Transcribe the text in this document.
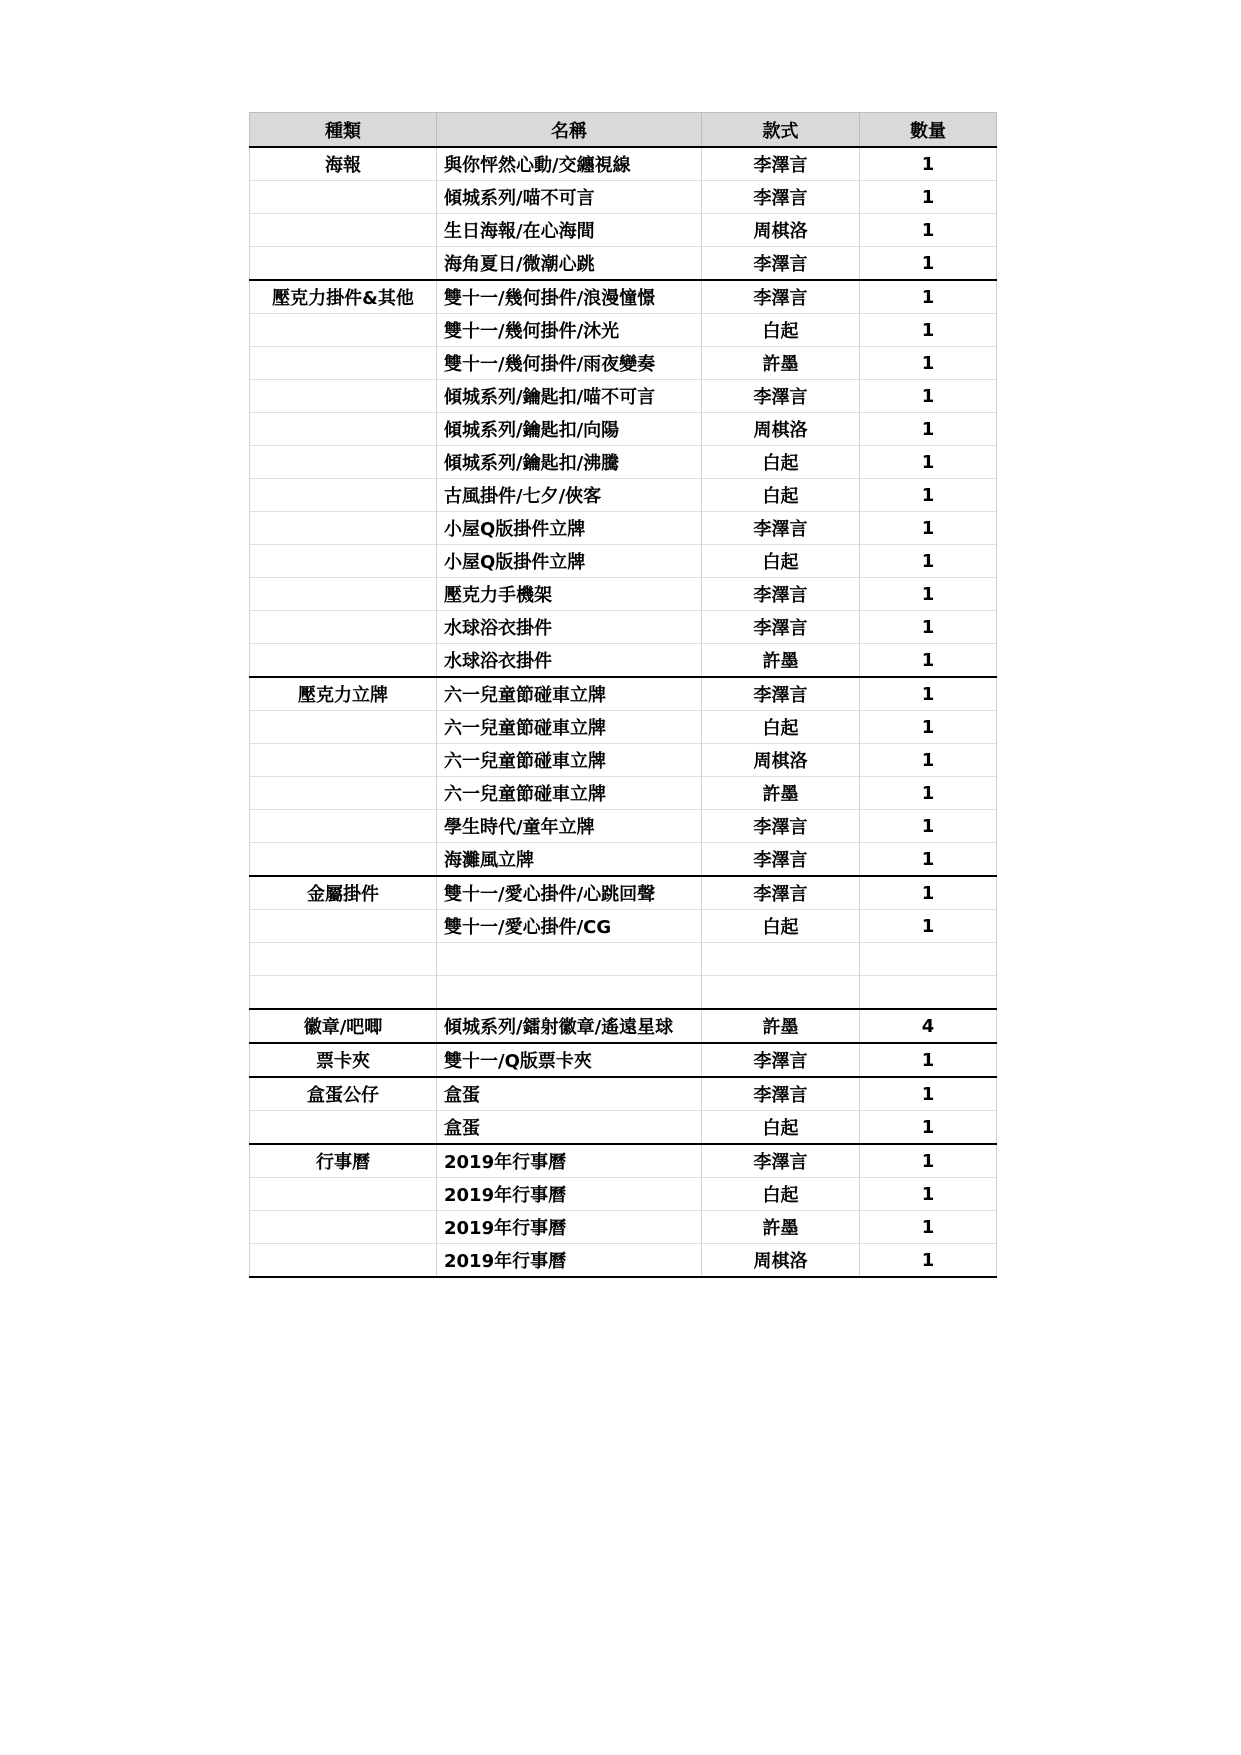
種類	名稱	款式	數量
海報	與你怦然心動/交纏視線	李澤言	1
	傾城系列/喵不可言	李澤言	1
	生日海報/在心海間	周棋洛	1
	海角夏日/微潮心跳	李澤言	1
壓克力掛件&其他	雙十一/幾何掛件/浪漫憧憬	李澤言	1
	雙十一/幾何掛件/沐光	白起	1
	雙十一/幾何掛件/雨夜變奏	許墨	1
	傾城系列/鑰匙扣/喵不可言	李澤言	1
	傾城系列/鑰匙扣/向陽	周棋洛	1
	傾城系列/鑰匙扣/沸騰	白起	1
	古風掛件/七夕/俠客	白起	1
	小屋Q版掛件立牌	李澤言	1
	小屋Q版掛件立牌	白起	1
	壓克力手機架	李澤言	1
	水球浴衣掛件	李澤言	1
	水球浴衣掛件	許墨	1
壓克力立牌	六一兒童節碰車立牌	李澤言	1
	六一兒童節碰車立牌	白起	1
	六一兒童節碰車立牌	周棋洛	1
	六一兒童節碰車立牌	許墨	1
	學生時代/童年立牌	李澤言	1
	海灘風立牌	李澤言	1
金屬掛件	雙十一/愛心掛件/心跳回聲	李澤言	1
	雙十一/愛心掛件/CG	白起	1

徽章/吧唧	傾城系列/鐳射徽章/遙遠星球	許墨	4
票卡夾	雙十一/Q版票卡夾	李澤言	1
盒蛋公仔	盒蛋	李澤言	1
	盒蛋	白起	1
行事曆	2019年行事曆	李澤言	1
	2019年行事曆	白起	1
	2019年行事曆	許墨	1
	2019年行事曆	周棋洛	1
